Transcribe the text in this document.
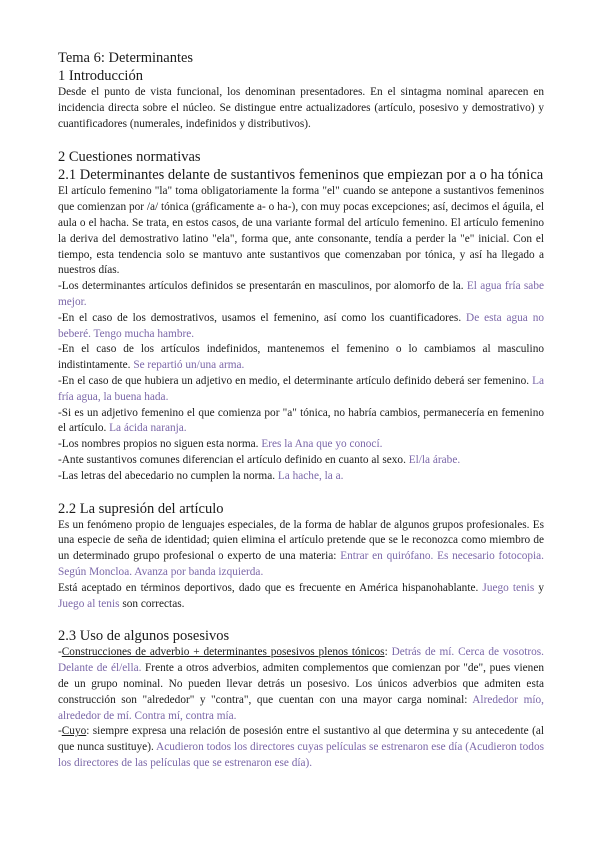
Tema 6: Determinantes
1 Introducción

Desde el punto de vista funcional, los denominan presentadores. En el sintagma nominal aparecen en incidencia directa sobre el núcleo. Se distingue entre actualizadores (artículo, posesivo y demostrativo) y cuantificadores (numerales, indefinidos y distributivos).

2 Cuestiones normativas
2.1 Determinantes delante de sustantivos femeninos que empiezan por a o ha tónica

El artículo femenino "la" toma obligatoriamente la forma "el" cuando se antepone a sustantivos femeninos que comienzan por /a/ tónica (gráficamente a- o ha-), con muy pocas excepciones; así, decimos el águila, el aula o el hacha. Se trata, en estos casos, de una variante formal del artículo femenino. El artículo femenino la deriva del demostrativo latino "ela", forma que, ante consonante, tendía a perder la "e" inicial. Con el tiempo, esta tendencia solo se mantuvo ante sustantivos que comenzaban por tónica, y así ha llegado a nuestros días.

-Los determinantes artículos definidos se presentarán en masculinos, por alomorfo de la. El agua fría sabe mejor.

-En el caso de los demostrativos, usamos el femenino, así como los cuantificadores. De esta agua no beberé. Tengo mucha hambre.

-En el caso de los artículos indefinidos, mantenemos el femenino o lo cambiamos al masculino indistintamente. Se repartió un/una arma.

-En el caso de que hubiera un adjetivo en medio, el determinante artículo definido deberá ser femenino. La fría agua, la buena hada.

-Si es un adjetivo femenino el que comienza por "a" tónica, no habría cambios, permanecería en femenino el artículo. La ácida naranja.

-Los nombres propios no siguen esta norma. Eres la Ana que yo conocí.

-Ante sustantivos comunes diferencian el artículo definido en cuanto al sexo. El/la árabe.

-Las letras del abecedario no cumplen la norma. La hache, la a.

2.2 La supresión del artículo

Es un fenómeno propio de lenguajes especiales, de la forma de hablar de algunos grupos profesionales. Es una especie de seña de identidad; quien elimina el artículo pretende que se le reconozca como miembro de un determinado grupo profesional o experto de una materia: Entrar en quirófano. Es necesario fotocopia. Según Moncloa. Avanza por banda izquierda.

Está aceptado en términos deportivos, dado que es frecuente en América hispanohablante. Juego tenis y Juego al tenis son correctas.

2.3 Uso de algunos posesivos

-Construcciones de adverbio + determinantes posesivos plenos tónicos: Detrás de mí. Cerca de vosotros. Delante de él/ella. Frente a otros adverbios, admiten complementos que comienzan por "de", pues vienen de un grupo nominal. No pueden llevar detrás un posesivo. Los únicos adverbios que admiten esta construcción son "alrededor" y "contra", que cuentan con una mayor carga nominal: Alrededor mío, alrededor de mí. Contra mí, contra mía.

-Cuyo: siempre expresa una relación de posesión entre el sustantivo al que determina y su antecedente (al que nunca sustituye). Acudieron todos los directores cuyas películas se estrenaron ese día (Acudieron todos los directores de las películas que se estrenaron ese día).
